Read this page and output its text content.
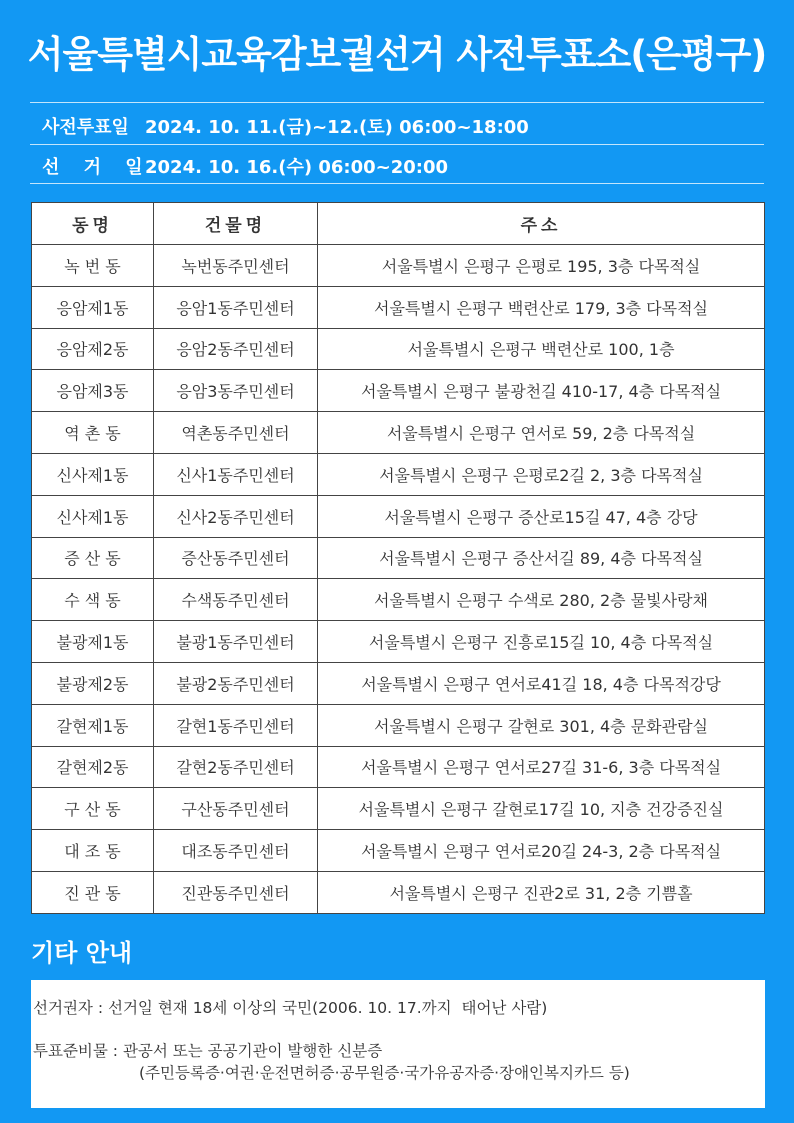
서울특별시교육감보궐선거 사전투표소(은평구)
사전투표일 2024. 10. 11.(금)~12.(토) 06:00~18:00
선 거 일
2024. 10. 16.(수) 06:00~20:00
동명	건물명	주소
녹 번 동	녹번동주민센터	서울특별시 은평구 은평로 195, 3층 다목적실
응암제1동	응암1동주민센터	서울특별시 은평구 백련산로 179, 3층 다목적실
응암제2동	응암2동주민센터	서울특별시 은평구 백련산로 100, 1층
응암제3동	응암3동주민센터	서울특별시 은평구 불광천길 410-17, 4층 다목적실
역 촌 동	역촌동주민센터	서울특별시 은평구 연서로 59, 2층 다목적실
신사제1동	신사1동주민센터	서울특별시 은평구 은평로2길 2, 3층 다목적실
신사제1동	신사2동주민센터	서울특별시 은평구 증산로15길 47, 4층 강당
증 산 동	증산동주민센터	서울특별시 은평구 증산서길 89, 4층 다목적실
수 색 동	수색동주민센터	서울특별시 은평구 수색로 280, 2층 물빛사랑채
불광제1동	불광1동주민센터	서울특별시 은평구 진흥로15길 10, 4층 다목적실
불광제2동	불광2동주민센터	서울특별시 은평구 연서로41길 18, 4층 다목적강당
갈현제1동	갈현1동주민센터	서울특별시 은평구 갈현로 301, 4층 문화관람실
갈현제2동	갈현2동주민센터	서울특별시 은평구 연서로27길 31-6, 3층 다목적실
구 산 동	구산동주민센터	서울특별시 은평구 갈현로17길 10, 지층 건강증진실
대 조 동	대조동주민센터	서울특별시 은평구 연서로20길 24-3, 2층 다목적실
진 관 동	진관동주민센터	서울특별시 은평구 진관2로 31, 2층 기쁨홀
기타 안내
선거권자 : 선거일 현재 18세 이상의 국민(2006. 10. 17.까지  태어난 사람)
투표준비물 : 관공서 또는 공공기관이 발행한 신분증
(주민등록증·여권·운전면허증·공무원증·국가유공자증·장애인복지카드 등)
